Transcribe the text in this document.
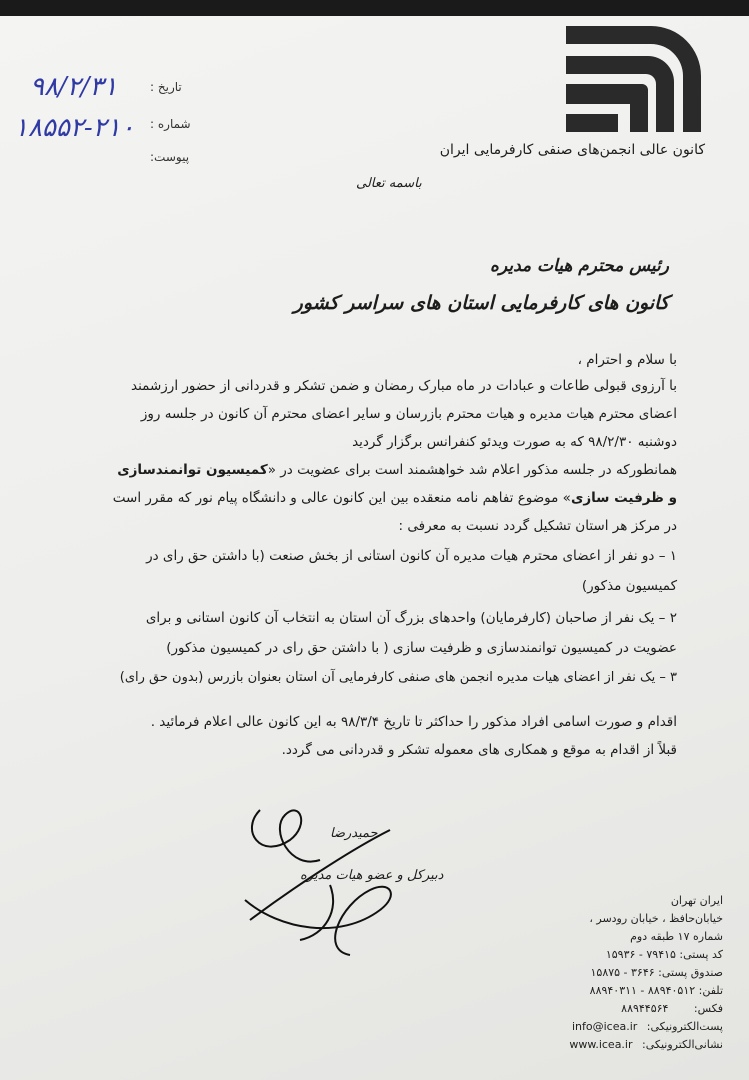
کانون عالی انجمن‌های صنفی کارفرمایی ایران
تاریخ :
شماره :
پیوست:
۹۸/۲/۳۱
۱۸۵۵۲-۲۱۰
باسمه تعالی
رئیس محترم هیات مدیره
کانون های کارفرمایی استان های سراسر کشور
با سلام و احترام ،
با آرزوی قبولی طاعات و عبادات در ماه مبارک رمضان و ضمن تشکر و قدردانی از حضور ارزشمند
اعضای محترم هیات مدیره و هیات محترم بازرسان و سایر اعضای محترم آن کانون در جلسه روز
دوشنبه ۹۸/۲/۳۰ که به صورت ویدئو کنفرانس برگزار گردید
همانطورکه در جلسه مذکور اعلام شد خواهشمند است برای عضویت در «کمیسیون توانمندسازی
و ظرفیت سازی» موضوع تفاهم نامه منعقده بین این کانون عالی و دانشگاه پیام نور که مقرر است
در مرکز هر استان تشکیل گردد نسبت به معرفی :
۱ – دو نفر از اعضای محترم هیات مدیره آن کانون استانی از بخش صنعت (با داشتن حق رای در
کمیسیون مذکور)
۲ – یک نفر از صاحبان (کارفرمایان) واحدهای بزرگ آن استان به انتخاب آن کانون استانی و برای
عضویت در کمیسیون توانمندسازی و ظرفیت سازی ( با داشتن حق رای در کمیسیون مذکور)
۳ – یک نفر از اعضای هیات مدیره انجمن های صنفی کارفرمایی آن استان بعنوان بازرس (بدون حق رای)
اقدام و صورت اسامی افراد مذکور را حداکثر تا تاریخ ۹۸/۳/۴ به این کانون عالی اعلام فرمائید .
قبلاً از اقدام به موقع و همکاری های معموله تشکر و قدردانی می گردد.
حمیدرضا
دبیرکل و عضو هیات مدیره
ایران تهران
خیابان‌حافظ ، خیابان رودسر ،
شماره ۱۷ طبقه دوم
کد پستی: ۷۹۴۱۵ - ۱۵۹۳۶
صندوق پستی: ۳۶۴۶ - ۱۵۸۷۵
تلفن: ۸۸۹۴۰۵۱۲ - ۸۸۹۴۰۳۱۱
فکس: ۸۸۹۴۴۵۶۴
پست‌الکترونیکی: info@icea.ir
نشانی‌الکترونیکی: www.icea.ir
